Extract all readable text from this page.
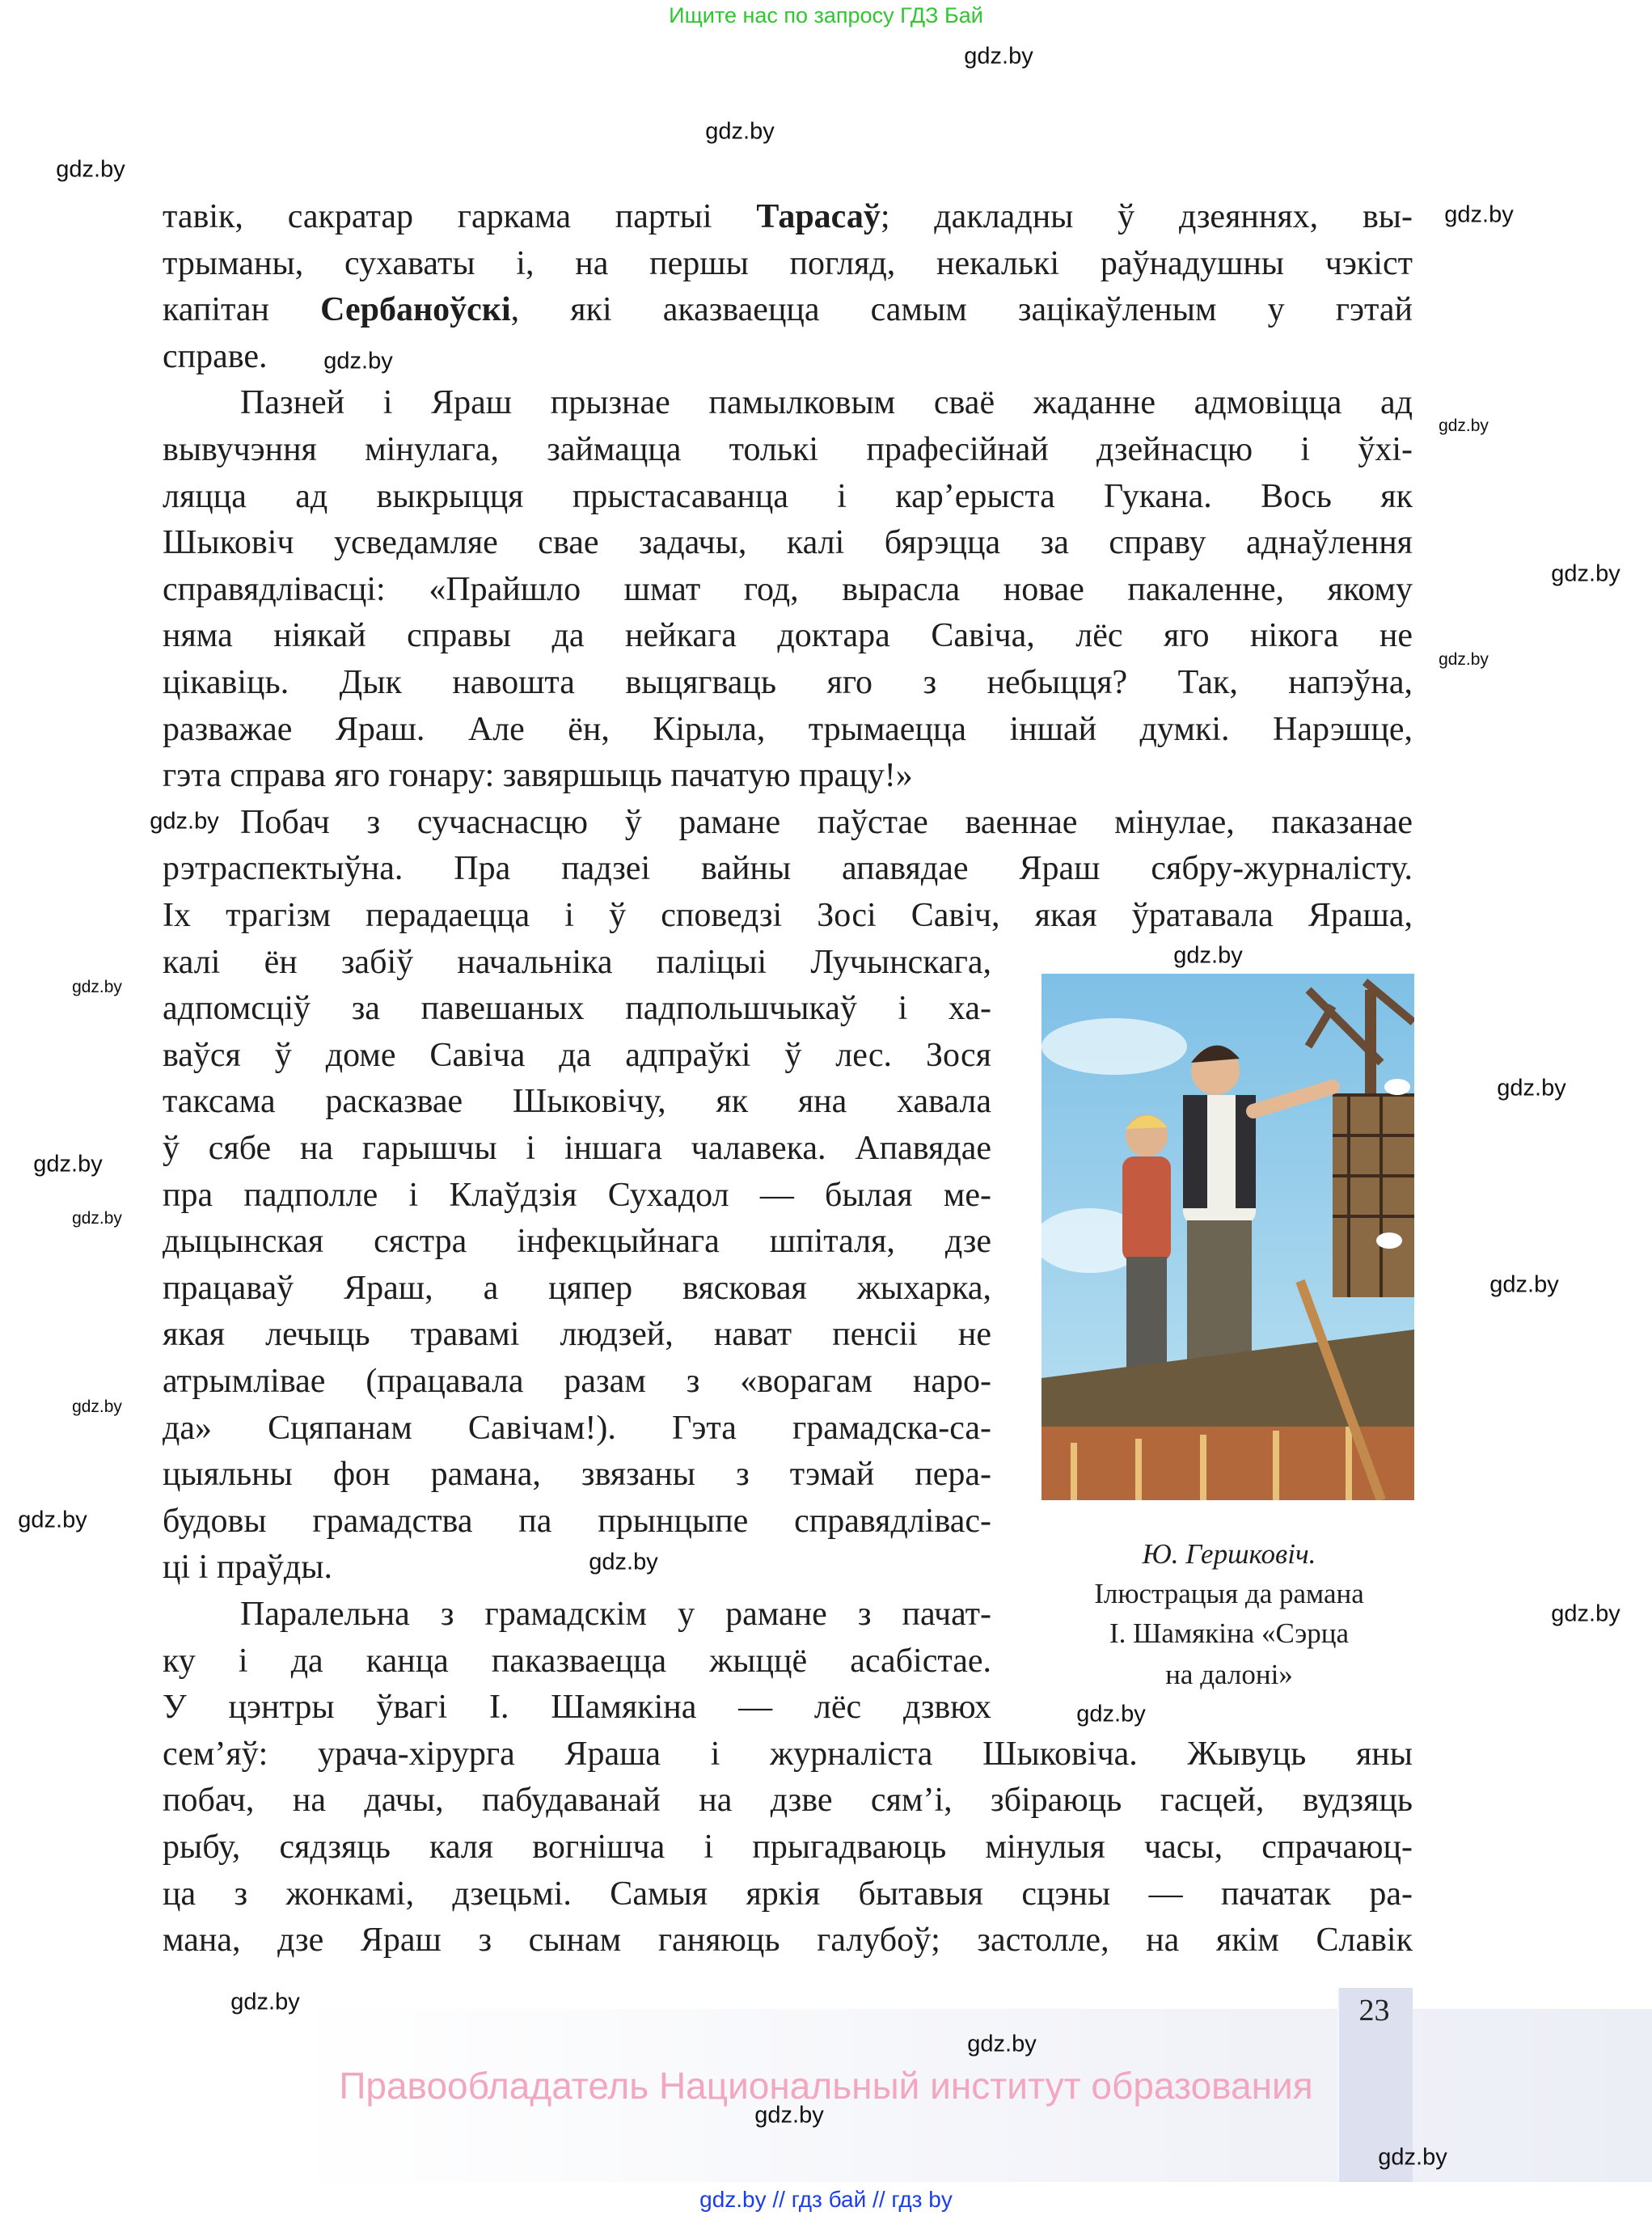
Ищите нас по запросу ГДЗ Бай
тавік, сакратар гаркама партыі Тарасаў; дакладны ў дзеяннях, вы-
трыманы, сухаваты і, на першы погляд, некалькі раўнадушны чэкіст
капітан Сербаноўскі, які аказваецца самым зацікаўленым у гэтай
справе.
Пазней і Яраш прызнае памылковым сваё жаданне адмовіцца ад
вывучэння мінулага, займацца толькі прафесійнай дзейнасцю і ўхі-
ляцца ад выкрыцця прыстасаванца і кар’ерыста Гукана. Вось як
Шыковіч усведамляе свае задачы, калі бярэцца за справу аднаўлення
справядлівасці: «Прайшло шмат год, вырасла новае пакаленне, якому
няма ніякай справы да нейкага доктара Савіча, лёс яго нікога не
цікавіць. Дык навошта выцягваць яго з небыцця? Так, напэўна,
разважае Яраш. Але ён, Кірыла, трымаецца іншай думкі. Нарэшце,
гэта справа яго гонару: завяршыць пачатую працу!»
Побач з сучаснасцю ў рамане паўстае ваеннае мінулае, паказанае
рэтраспектыўна. Пра падзеі вайны апавядае Яраш сябру-журналісту.
Іх трагізм перадаецца і ў споведзі Зосі Савіч, якая ўратавала Яраша,
калі ён забіў начальніка паліцыі Лучынскага,
адпомсціў за павешаных падпольшчыкаў і ха-
ваўся ў доме Савіча да адпраўкі ў лес. Зося
таксама расказвае Шыковічу, як яна хавала
ў сябе на гарышчы і іншага чалавека. Апавядае
пра падполле і Клаўдзія Сухадол — былая ме-
дыцынская сястра інфекцыйнага шпіталя, дзе
працаваў Яраш, а цяпер вясковая жыхарка,
якая лечыць травамі людзей, нават пенсіі не
атрымлівае (працавала разам з «ворагам наро-
да» Сцяпанам Савічам!). Гэта грамадска-са-
цыяльны фон рамана, звязаны з тэмай пера-
будовы грамадства па прынцыпе справядлівас-
ці і праўды.
Паралельна з грамадскім у рамане з пачат-
ку і да канца паказваецца жыццё асабістае.
У цэнтры ўвагі І. Шамякіна — лёс дзвюх
сем’яў: урача-хірурга Яраша і журналіста Шыковіча. Жывуць яны
побач, на дачы, пабудаванай на дзве сям’і, збіраюць гасцей, вудзяць
рыбу, сядзяць каля вогнішча і прыгадваюць мінулыя часы, спрачаюц-
ца з жонкамі, дзецьмі. Самыя яркія бытавыя сцэны — пачатак ра-
мана, дзе Яраш з сынам ганяюць галубоў; застолле, на якім Славік
Ю. Гершковіч.
Ілюстрацыя да рамана
І. Шамякіна «Сэрца
на далоні»
23
Правообладатель Национальный институт образования
gdz.by // гдз бай // гдз by
gdz.by
gdz.by
gdz.by
gdz.by
gdz.by
gdz.by
gdz.by
gdz.by
gdz.by
gdz.by
gdz.by
gdz.by
gdz.by
gdz.by
gdz.by
gdz.by
gdz.by
gdz.by
gdz.by
gdz.by
gdz.by
gdz.by
gdz.by
gdz.by
